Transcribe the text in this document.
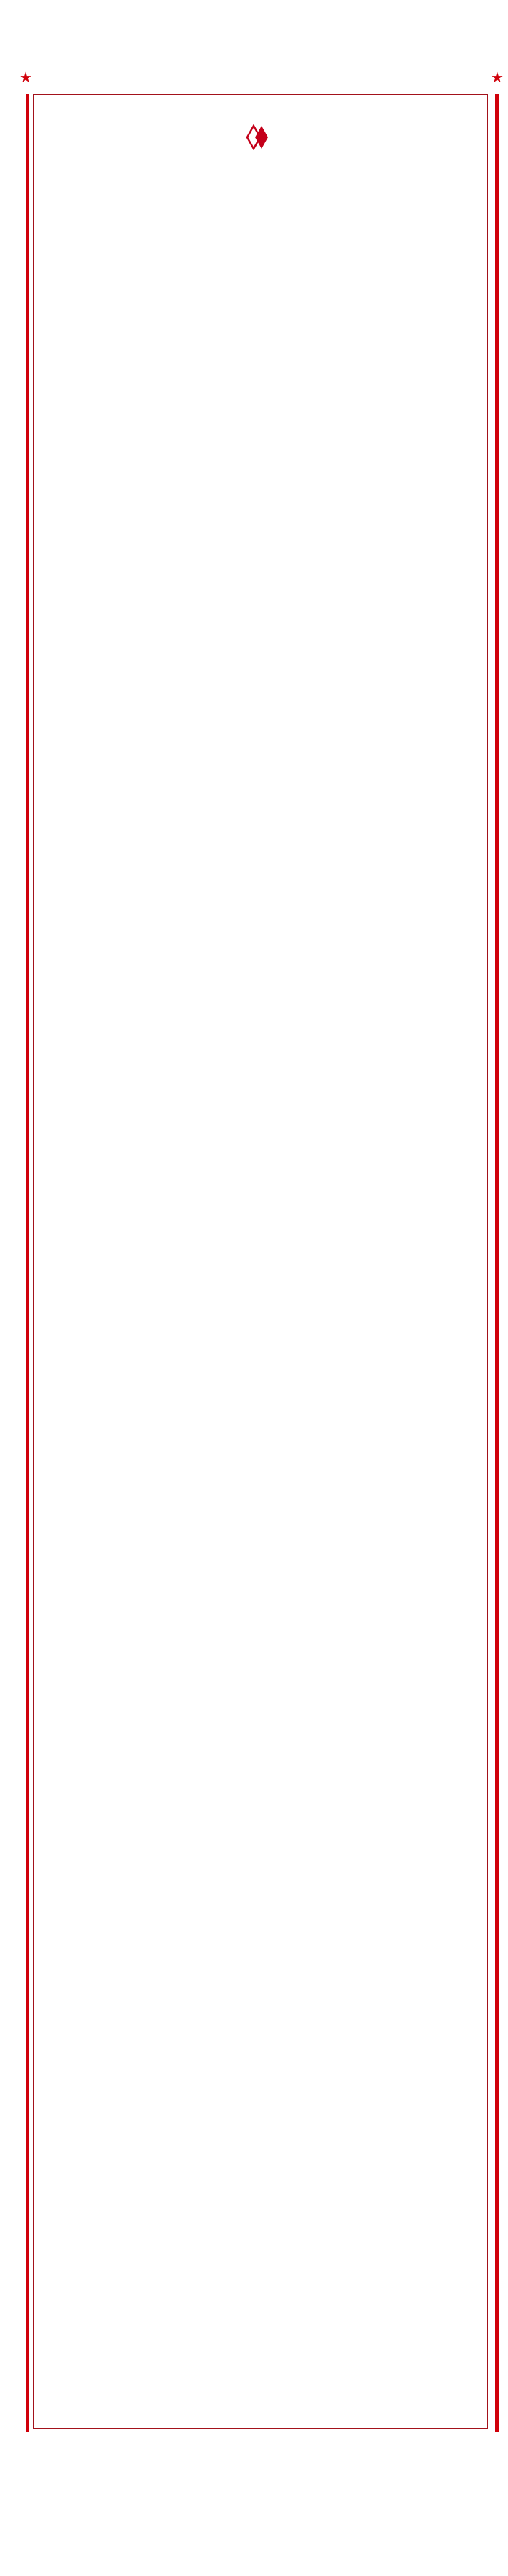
★	★
